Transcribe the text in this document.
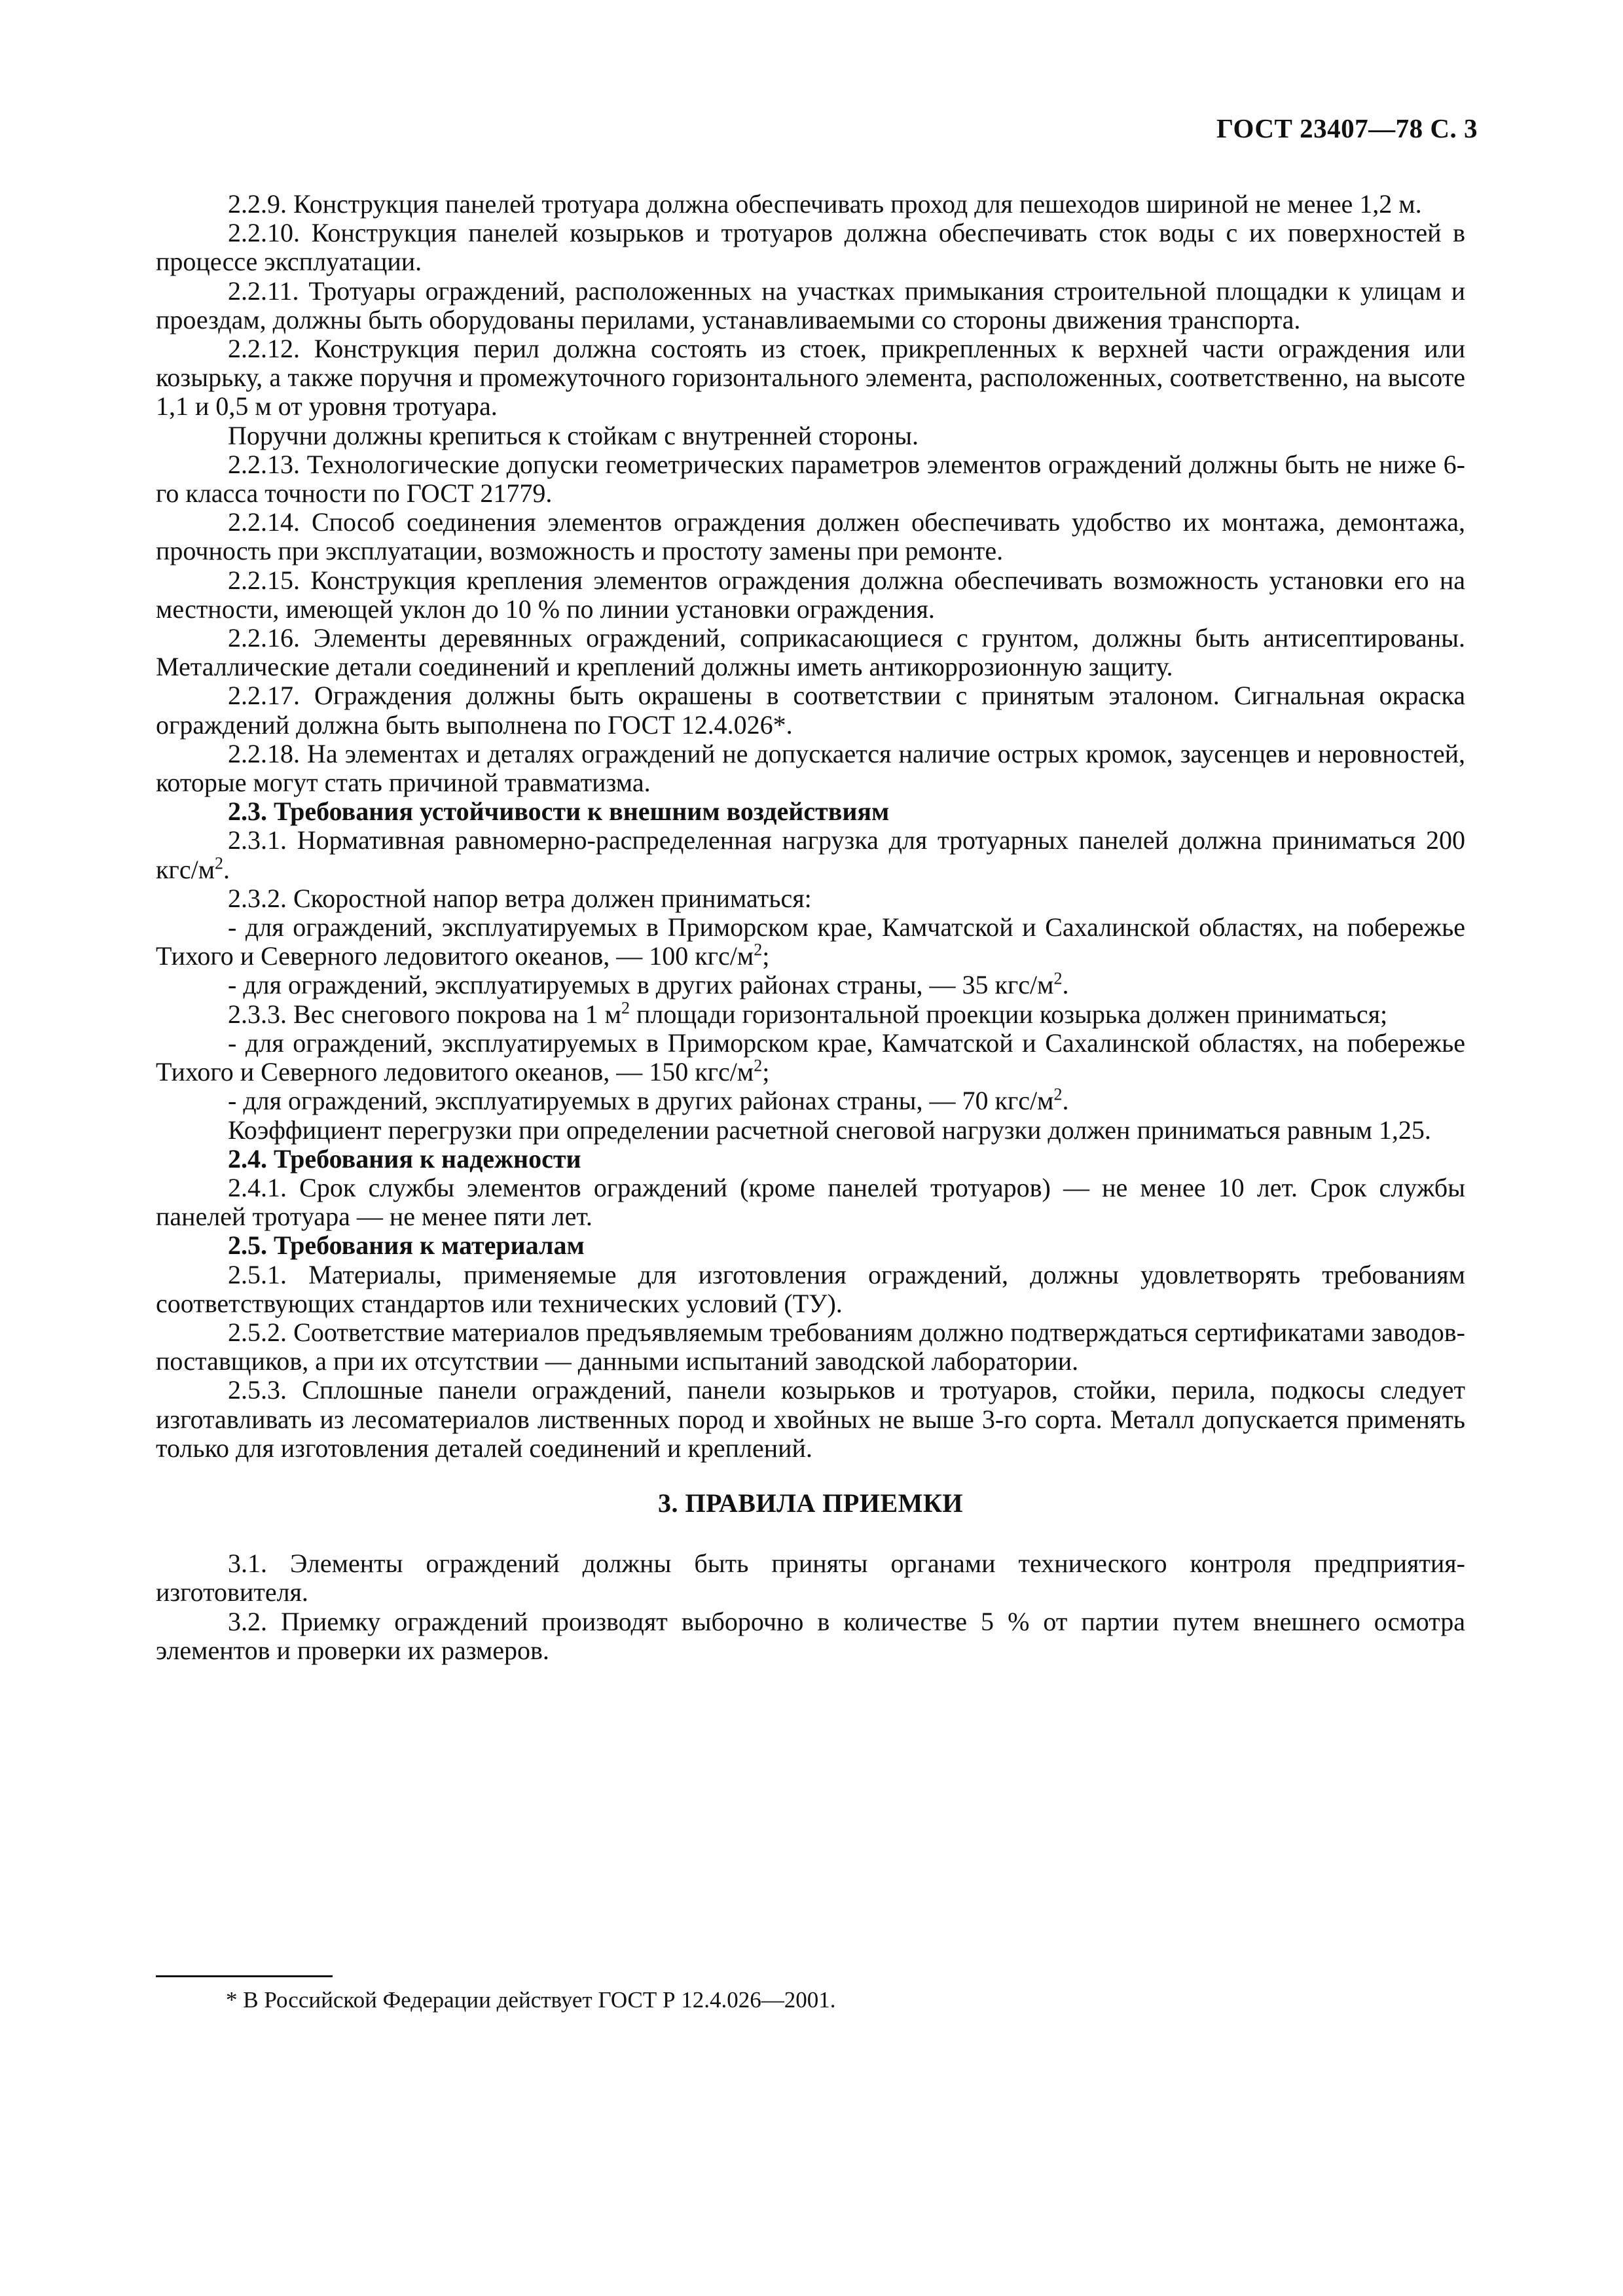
ГОСТ 23407—78 С. 3

2.2.9. Конструкция панелей тротуара должна обеспечивать проход для пешеходов шириной не менее 1,2 м.

2.2.10. Конструкция панелей козырьков и тротуаров должна обеспечивать сток воды с их поверхностей в процессе эксплуатации.

2.2.11. Тротуары ограждений, расположенных на участках примыкания строительной площадки к улицам и проездам, должны быть оборудованы перилами, устанавливаемыми со стороны движения транспорта.

2.2.12. Конструкция перил должна состоять из стоек, прикрепленных к верхней части ограждения или козырьку, а также поручня и промежуточного горизонтального элемента, расположенных, соответственно, на высоте 1,1 и 0,5 м от уровня тротуара.

Поручни должны крепиться к стойкам с внутренней стороны.

2.2.13. Технологические допуски геометрических параметров элементов ограждений должны быть не ниже 6-го класса точности по ГОСТ 21779.

2.2.14. Способ соединения элементов ограждения должен обеспечивать удобство их монтажа, демонтажа, прочность при эксплуатации, возможность и простоту замены при ремонте.

2.2.15. Конструкция крепления элементов ограждения должна обеспечивать возможность установки его на местности, имеющей уклон до 10 % по линии установки ограждения.

2.2.16. Элементы деревянных ограждений, соприкасающиеся с грунтом, должны быть антисептированы. Металлические детали соединений и креплений должны иметь антикоррозионную защиту.

2.2.17. Ограждения должны быть окрашены в соответствии с принятым эталоном. Сигнальная окраска ограждений должна быть выполнена по ГОСТ 12.4.026*.

2.2.18. На элементах и деталях ограждений не допускается наличие острых кромок, заусенцев и неровностей, которые могут стать причиной травматизма.

2.3. Требования устойчивости к внешним воздействиям

2.3.1. Нормативная равномерно-распределенная нагрузка для тротуарных панелей должна приниматься 200 кгс/$м^2$.

2.3.2. Скоростной напор ветра должен приниматься:

- для ограждений, эксплуатируемых в Приморском крае, Камчатской и Сахалинской областях, на побережье Тихого и Северного ледовитого океанов, — 100 кгс/$м^2$;

- для ограждений, эксплуатируемых в других районах страны, — 35 кгс/$м^2$.

2.3.3. Вес снегового покрова на 1 $м^2$ площади горизонтальной проекции козырька должен приниматься;

- для ограждений, эксплуатируемых в Приморском крае, Камчатской и Сахалинской областях, на побережье Тихого и Северного ледовитого океанов, — 150 кгс/$м^2$;

- для ограждений, эксплуатируемых в других районах страны, — 70 кгс/$м^2$.

Коэффициент перегрузки при определении расчетной снеговой нагрузки должен приниматься равным 1,25.

2.4. Требования к надежности

2.4.1. Срок службы элементов ограждений (кроме панелей тротуаров) — не менее 10 лет. Срок службы панелей тротуара — не менее пяти лет.

2.5. Требования к материалам

2.5.1. Материалы, применяемые для изготовления ограждений, должны удовлетворять требованиям соответствующих стандартов или технических условий (ТУ).

2.5.2. Соответствие материалов предъявляемым требованиям должно подтверждаться сертификатами заводов-поставщиков, а при их отсутствии — данными испытаний заводской лаборатории.

2.5.3. Сплошные панели ограждений, панели козырьков и тротуаров, стойки, перила, подкосы следует изготавливать из лесоматериалов лиственных пород и хвойных не выше 3-го сорта. Металл допускается применять только для изготовления деталей соединений и креплений.

3. ПРАВИЛА ПРИЕМКИ

3.1. Элементы ограждений должны быть приняты органами технического контроля предприятия-изготовителя.

3.2. Приемку ограждений производят выборочно в количестве 5 % от партии путем внешнего осмотра элементов и проверки их размеров.

* В Российской Федерации действует ГОСТ Р 12.4.026—2001.
